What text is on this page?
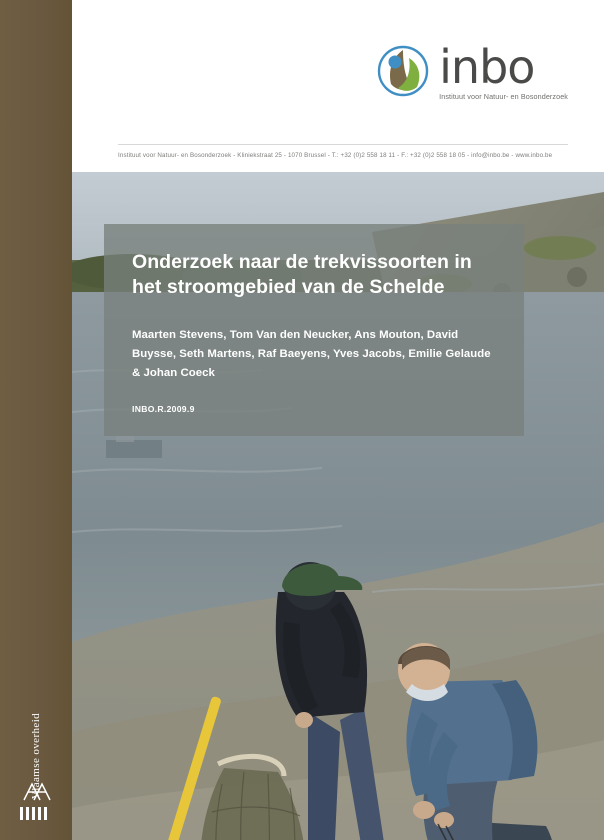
Vlaamse overheid
inbo
Instituut voor Natuur- en Bosonderzoek
Instituut voor Natuur- en Bosonderzoek - Kliniekstraat 25 - 1070 Brussel - T.: +32 (0)2 558 18 11 - F.: +32 (0)2 558 18 05 - info@inbo.be - www.inbo.be
Onderzoek naar de trekvissoorten in het stroomgebied van de Schelde
Maarten Stevens, Tom Van den Neucker, Ans Mouton, David Buysse, Seth Martens, Raf Baeyens, Yves Jacobs, Emilie Gelaude & Johan Coeck
INBO.R.2009.9
